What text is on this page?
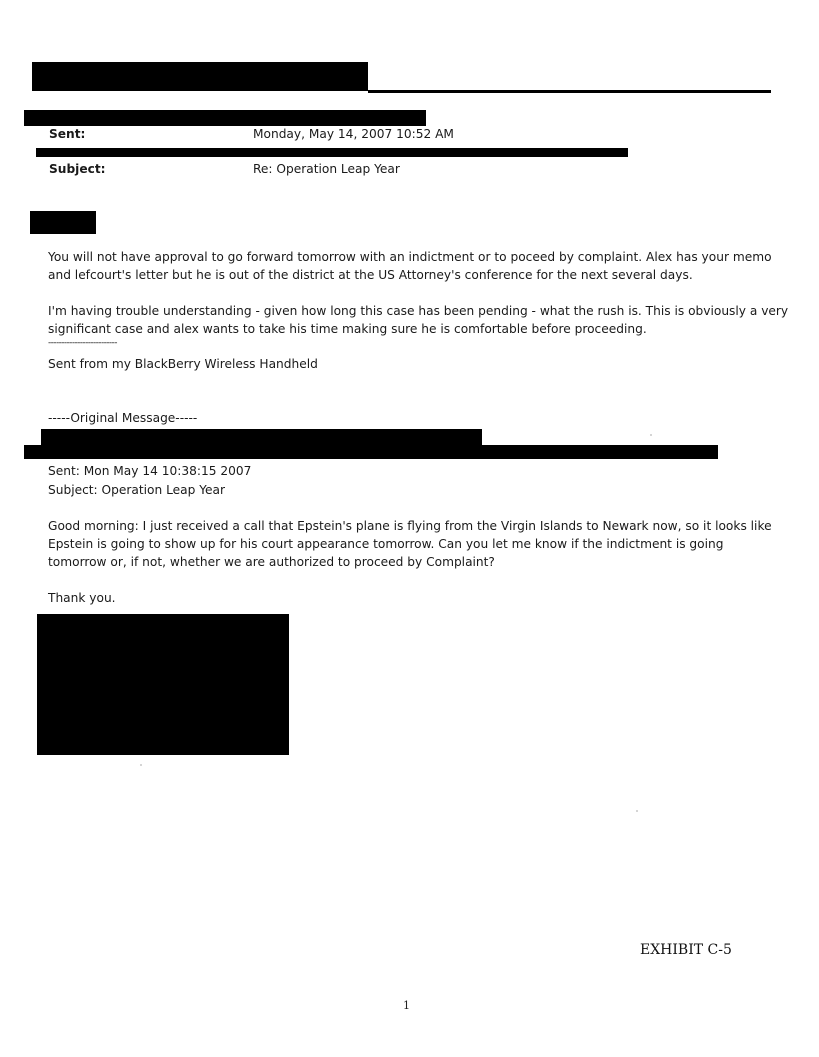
Sent:	Monday, May 14, 2007 10:52 AM
Subject:	Re: Operation Leap Year
You will not have approval to go forward tomorrow with an indictment or to poceed by complaint. Alex has your memo
and lefcourt's letter but he is out of the district at the US Attorney's conference for the next several days.
I'm having trouble understanding - given how long this case has been pending - what the rush is. This is obviously a very
significant case and alex wants to take his time making sure he is comfortable before proceeding.
--------------------------
Sent from my BlackBerry Wireless Handheld
-----Original Message-----
Sent: Mon May 14 10:38:15 2007
Subject: Operation Leap Year
Good morning: I just received a call that Epstein's plane is flying from the Virgin Islands to Newark now, so it looks like
Epstein is going to show up for his court appearance tomorrow. Can you let me know if the indictment is going
tomorrow or, if not, whether we are authorized to proceed by Complaint?
Thank you.
EXHIBIT C-5
1
